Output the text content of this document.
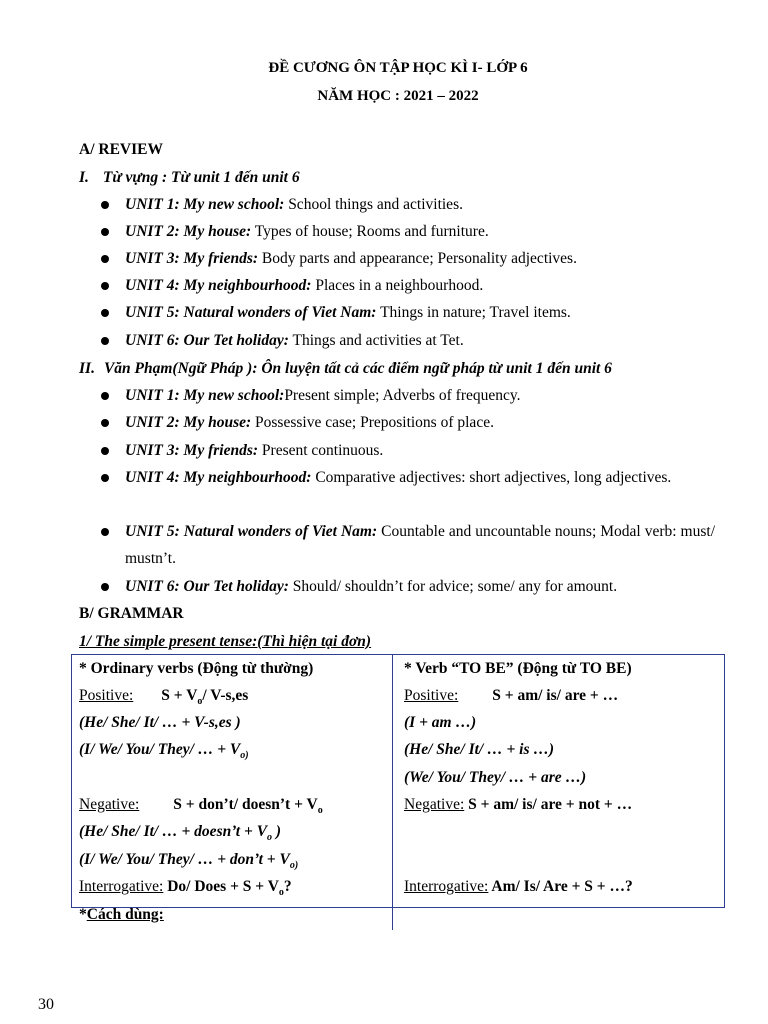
ĐỀ CƯƠNG ÔN TẬP HỌC KÌ I- LỚP 6
NĂM HỌC : 2021 – 2022
A/ REVIEW
I. Từ vựng : Từ unit 1 đến unit 6
UNIT 1: My new school: School things and activities.
UNIT 2: My house: Types of house; Rooms and furniture.
UNIT 3: My friends: Body parts and appearance; Personality adjectives.
UNIT 4: My neighbourhood: Places in a neighbourhood.
UNIT 5: Natural wonders of Viet Nam: Things in nature; Travel items.
UNIT 6: Our Tet holiday: Things and activities at Tet.
II. Văn Phạm(Ngữ Pháp ): Ôn luyện tất cả các điểm ngữ pháp từ unit 1 đến unit 6
UNIT 1: My new school:Present simple; Adverbs of frequency.
UNIT 2: My house: Possessive case; Prepositions of place.
UNIT 3: My friends: Present continuous.
UNIT 4: My neighbourhood: Comparative adjectives: short adjectives, long adjectives.
UNIT 5: Natural wonders of Viet Nam: Countable and uncountable nouns; Modal verb: must/ mustn’t.
UNIT 6: Our Tet holiday: Should/ shouldn’t for advice; some/ any for amount.
B/ GRAMMAR
1/ The simple present tense:(Thì hiện tại đơn)
* Ordinary verbs (Động từ thường)
Positive: $S + V_o/$ V-s,es
(He/ She/ It/ … + V-s,es )
(I/ We/ You/ They/ … + $V_{o)}$
Negative: S + don’t/ doesn’t + $V_o$
(He/ She/ It/ … + doesn’t + $V_o$ )
(I/ We/ You/ They/ … + don’t + $V_{o)}$
Interrogative: Do/ Does + $S + V_o$?
* Verb “TO BE” (Động từ TO BE)
Positive: S + am/ is/ are + …
(I + am …)
(He/ She/ It/ … + is …)
(We/ You/ They/ … + are …)
Negative: S + am/ is/ are + not + …
Interrogative: Am/ Is/ Are + S + …?
*Cách dùng:
30
